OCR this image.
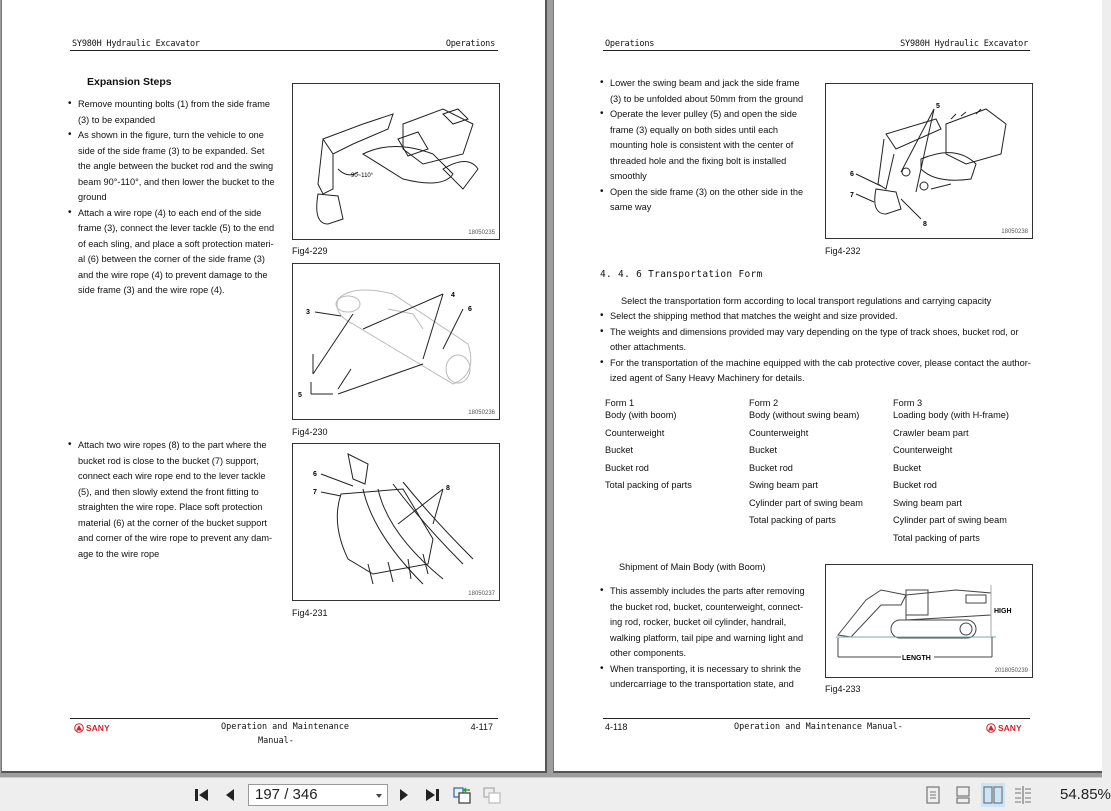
SY980H Hydraulic Excavator	Operations
Expansion Steps
• Remove mounting bolts (1) from the side frame (3) to be expanded
• As shown in the figure, turn the vehicle to one side of the side frame (3) to be expanded. Set the angle between the bucket rod and the swing beam 90°-110°, and then lower the bucket to the ground
• Attach a wire rope (4) to each end of the side frame (3), connect the lever tackle (5) to the end of each sling, and place a soft protection materi-al (6) between the corner of the side frame (3) and the wire rope (4) to prevent damage to the side frame (3) and the wire rope (4).
• Attach two wire ropes (8) to the part where the bucket rod is close to the bucket (7) support, connect each wire rope end to the lever tackle (5), and then slowly extend the front fitting to straighten the wire rope. Place soft protection material (6) at the corner of the bucket support and corner of the wire rope to prevent any dam-age to the wire rope
90~110°
18050235
Fig4-229
3
4
6
5
18050236
Fig4-230
6
7
8
18050237
Fig4-231
SANY	Operation and Maintenance
Manual-
4-117
Operations	SY980H Hydraulic Excavator
• Lower the swing beam and jack the side frame (3) to be unfolded about 50mm from the ground
• Operate the lever pulley (5) and open the side frame (3) equally on both sides until each mounting hole is consistent with the center of threaded hole and the fixing bolt is installed smoothly
• Open the side frame (3) on the other side in the same way
5
6
7
8
18050238
Fig4-232
4. 4. 6 Transportation Form
Select the transportation form according to local transport regulations and carrying capacity
• Select the shipping method that matches the weight and size provided.
• The weights and dimensions provided may vary depending on the type of track shoes, bucket rod, or other attachments.
• For the transportation of the machine equipped with the cab protective cover, please contact the author-ized agent of Sany Heavy Machinery for details.
Form 1
Body (with boom)
Counterweight
Bucket
Bucket rod
Total packing of parts
Form 2
Body (without swing beam)
Counterweight
Bucket
Bucket rod
Swing beam part
Cylinder part of swing beam
Total packing of parts
Form 3
Loading body (with H-frame)
Crawler beam part
Counterweight
Bucket
Bucket rod
Swing beam part
Cylinder part of swing beam
Total packing of parts
Shipment of Main Body (with Boom)
• This assembly includes the parts after removing the bucket rod, bucket, counterweight, connect-ing rod, rocker, bucket oil cylinder, handrail, walking platform, tail pipe and warning light and other components.
• When transporting, it is necessary to shrink the undercarriage to the transportation state, and
HIGH
LENGTH
2018050239
Fig4-233
4-118	Operation and Maintenance Manual-	SANY
197 / 346	54.85%
